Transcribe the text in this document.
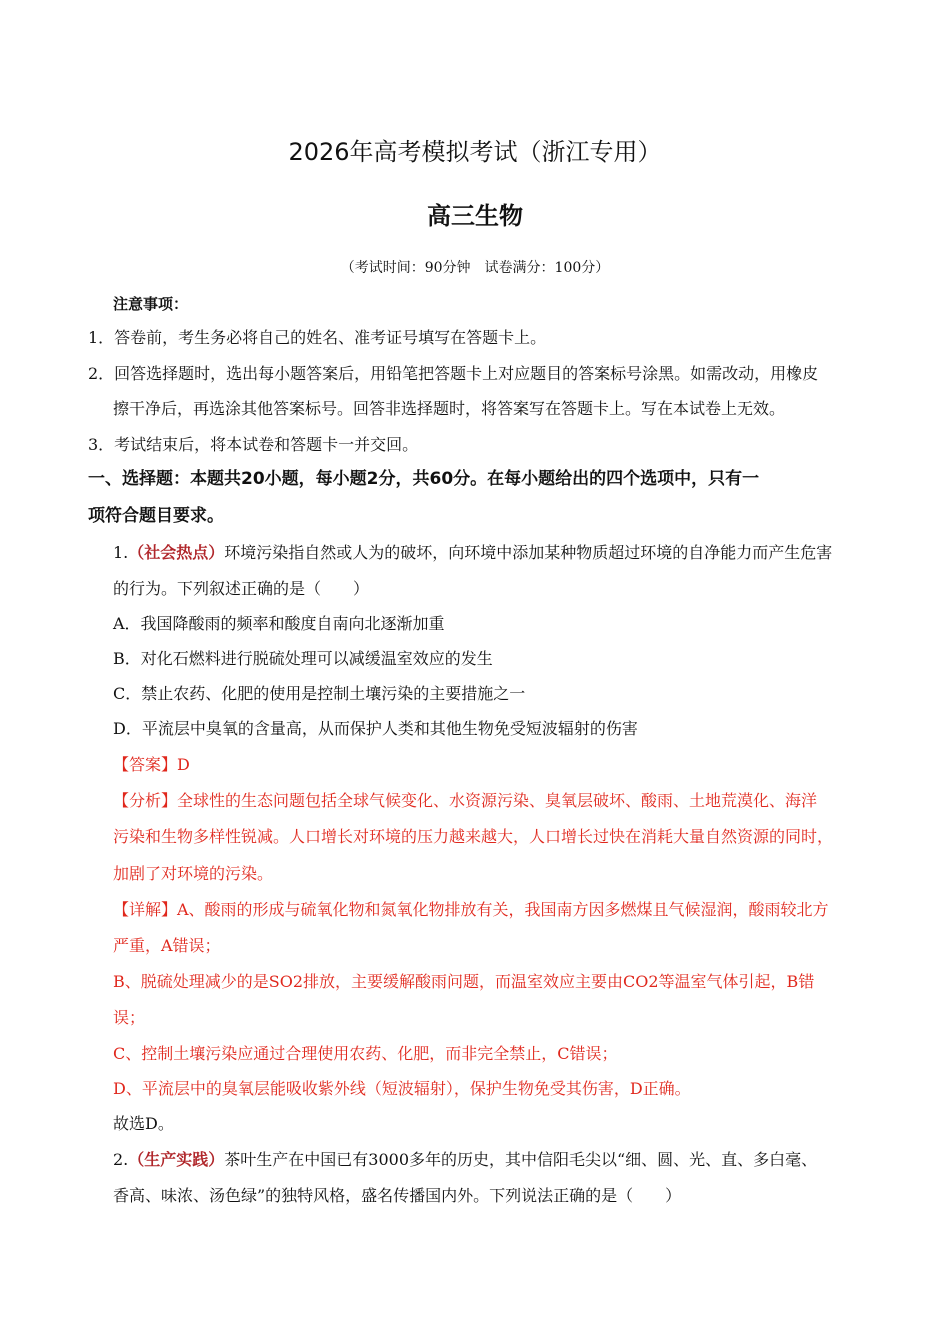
2026年高考模拟考试（浙江专用）
高三生物
（考试时间：90分钟　试卷满分：100分）
注意事项：
1．答卷前，考生务必将自己的姓名、准考证号填写在答题卡上。
2．回答选择题时，选出每小题答案后，用铅笔把答题卡上对应题目的答案标号涂黑。如需改动，用橡皮
擦干净后，再选涂其他答案标号。回答非选择题时，将答案写在答题卡上。写在本试卷上无效。
3．考试结束后，将本试卷和答题卡一并交回。
一、选择题：本题共20小题，每小题2分，共60分。在每小题给出的四个选项中，只有一
项符合题目要求。
1.（社会热点）环境污染指自然或人为的破坏，向环境中添加某种物质超过环境的自净能力而产生危害
的行为。下列叙述正确的是（　　）
A．我国降酸雨的频率和酸度自南向北逐渐加重
B．对化石燃料进行脱硫处理可以减缓温室效应的发生
C．禁止农药、化肥的使用是控制土壤污染的主要措施之一
D．平流层中臭氧的含量高，从而保护人类和其他生物免受短波辐射的伤害
【答案】D
【分析】全球性的生态问题包括全球气候变化、水资源污染、臭氧层破坏、酸雨、土地荒漠化、海洋
污染和生物多样性锐减。人口增长对环境的压力越来越大，人口增长过快在消耗大量自然资源的同时，
加剧了对环境的污染。
【详解】A、酸雨的形成与硫氧化物和氮氧化物排放有关，我国南方因多燃煤且气候湿润，酸雨较北方
严重，A错误；
B、脱硫处理减少的是SO2排放，主要缓解酸雨问题，而温室效应主要由CO2等温室气体引起，B错
误；
C、控制土壤污染应通过合理使用农药、化肥，而非完全禁止，C错误；
D、平流层中的臭氧层能吸收紫外线（短波辐射），保护生物免受其伤害，D正确。
故选D。
2.（生产实践）茶叶生产在中国已有3000多年的历史，其中信阳毛尖以“细、圆、光、直、多白毫、
香高、味浓、汤色绿”的独特风格，盛名传播国内外。下列说法正确的是（　　）
